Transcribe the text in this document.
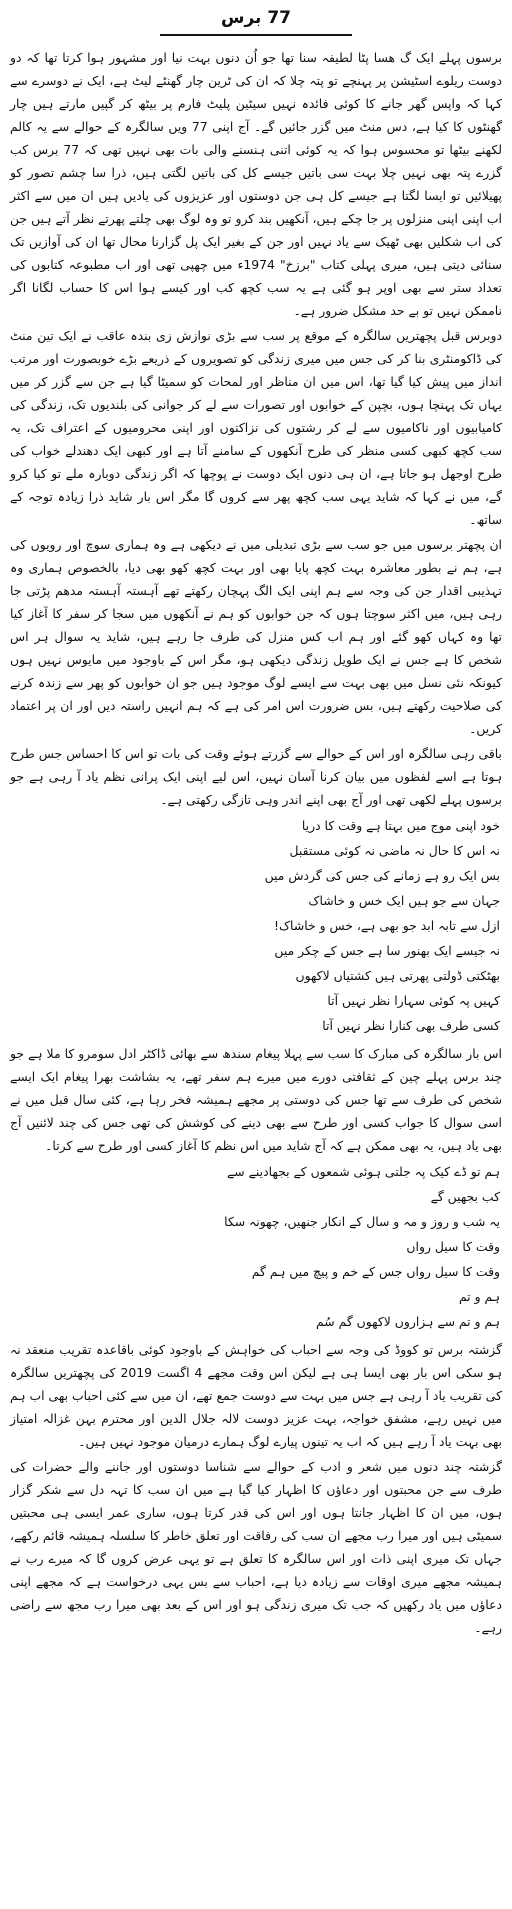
77 برس

برسوں پہلے ایک گ ھسا پٹا لطیفہ سنا تھا جو اُن دنوں بہت نیا اور مشہور ہوا کرتا تھا کہ دو دوست ریلوے اسٹیشن پر پہنچے تو پتہ چلا کہ ان کی ٹرین چار گھنٹے لیٹ ہے، ایک نے دوسرے سے کہا کہ واپس گھر جانے کا کوئی فائدہ نہیں سیٹین پلیٹ فارم پر بیٹھ کر گپیں مارتے ہیں چار گھنٹوں کا کیا ہے، دس منٹ میں گزر جائیں گے۔ آج اپنی 77 ویں سالگرہ کے حوالے سے یہ کالم لکھنے بیٹھا تو محسوس ہوا کہ یہ کوئی اتنی ہنسنے والی بات بھی نہیں تھی کہ 77 برس کب گزرے پتہ بھی نہیں چلا بہت سی باتیں جیسے کل کی باتیں لگتی ہیں، ذرا سا چشم تصور کو پھیلائیں تو ایسا لگتا ہے جیسے کل ہی جن دوستوں اور عزیزوں کی یادیں ہیں ان میں سے اکثر اب اپنی اپنی منزلوں پر جا چکے ہیں، آنکھیں بند کرو تو وہ لوگ بھی چلتے پھرتے نظر آتے ہیں جن کی اب شکلیں بھی ٹھیک سے یاد نہیں اور جن کے بغیر ایک پل گزارنا محال تھا ان کی آوازیں تک سنائی دیتی ہیں، میری پہلی کتاب "برزخ" 1974ء میں چھپی تھی اور اب مطبوعہ کتابوں کی تعداد ستر سے بھی اوپر ہو گئی ہے یہ سب کچھ کب اور کیسے ہوا اس کا حساب لگانا اگر ناممکن نہیں تو بے حد مشکل ضرور ہے۔

دوبرس قبل پچھتریں سالگرہ کے موقع پر سب سے بڑی نوازش زی بندہ عاقب نے ایک تین منٹ کی ڈاکومنٹری بنا کر کی جس میں میری زندگی کو تصویروں کے ذریعے بڑے خوبصورت اور مرتب انداز میں پیش کیا گیا تھا، اس میں ان مناظر اور لمحات کو سمیٹا گیا ہے جن سے گزر کر میں یہاں تک پہنچا ہوں، بچپن کے خوابوں اور تصورات سے لے کر جوانی کی بلندیوں تک، زندگی کی کامیابیوں اور ناکامیوں سے لے کر رشتوں کی نزاکتوں اور اپنی محرومیوں کے اعتراف تک، یہ سب کچھ کبھی کسی منظر کی طرح آنکھوں کے سامنے آتا ہے اور کبھی ایک دھندلے خواب کی طرح اوجھل ہو جاتا ہے، ان ہی دنوں ایک دوست نے پوچھا کہ اگر زندگی دوبارہ ملے تو کیا کرو گے، میں نے کہا کہ شاید یہی سب کچھ پھر سے کروں گا مگر اس بار شاید ذرا زیادہ توجہ کے ساتھ۔

ان پچھتر برسوں میں جو سب سے بڑی تبدیلی میں نے دیکھی ہے وہ ہماری سوچ اور رویوں کی ہے، ہم نے بطور معاشرہ بہت کچھ پایا بھی اور بہت کچھ کھو بھی دیا، بالخصوص ہماری وہ تہذیبی اقدار جن کی وجہ سے ہم اپنی ایک الگ پہچان رکھتے تھے آہستہ آہستہ مدھم پڑتی جا رہی ہیں، میں اکثر سوچتا ہوں کہ جن خوابوں کو ہم نے آنکھوں میں سجا کر سفر کا آغاز کیا تھا وہ کہاں کھو گئے اور ہم اب کس منزل کی طرف جا رہے ہیں، شاید یہ سوال ہر اس شخص کا ہے جس نے ایک طویل زندگی دیکھی ہو، مگر اس کے باوجود میں مایوس نہیں ہوں کیونکہ نئی نسل میں بھی بہت سے ایسے لوگ موجود ہیں جو ان خوابوں کو پھر سے زندہ کرنے کی صلاحیت رکھتے ہیں، بس ضرورت اس امر کی ہے کہ ہم انہیں راستہ دیں اور ان پر اعتماد کریں۔

باقی رہی سالگرہ اور اس کے حوالے سے گزرتے ہوئے وقت کی بات تو اس کا احساس جس طرح ہوتا ہے اسے لفظوں میں بیان کرنا آسان نہیں، اس لیے اپنی ایک پرانی نظم یاد آ رہی ہے جو برسوں پہلے لکھی تھی اور آج بھی اپنے اندر وہی تازگی رکھتی ہے۔

خود اپنی موج میں بہتا ہے وقت کا دریا
نہ اس کا حال نہ ماضی نہ کوئی مستقبل
بس ایک رو ہے زمانے کی جس کی گردش میں
جہان سے جو ہیں ایک خس و خاشاک
ازل سے تابہ ابد جو بھی ہے، خس و خاشاک!
نہ جیسے ایک بھنور سا ہے جس کے چکر میں
بھٹکتی ڈولتی پھرتی ہیں کشتیاں لاکھوں
کہیں پہ کوئی سہارا نظر نہیں آتا
کسی طرف بھی کنارا نظر نہیں آتا

اس بار سالگرہ کی مبارک کا سب سے پہلا پیغام سندھ سے بھائی ڈاکٹر ادل سومرو کا ملا ہے جو چند برس پہلے چین کے ثقافتی دورے میں میرے ہم سفر تھے، یہ بشاشت بھرا پیغام ایک ایسے شخص کی طرف سے تھا جس کی دوستی پر مجھے ہمیشہ فخر رہا ہے، کئی سال قبل میں نے اسی سوال کا جواب کسی اور طرح سے بھی دینے کی کوشش کی تھی جس کی چند لائنیں آج بھی یاد ہیں، یہ بھی ممکن ہے کہ آج شاید میں اس نظم کا آغاز کسی اور طرح سے کرتا۔

ہم تو ڈے کیک پہ جلتی ہوئی شمعوں کے بجھادینے سے
کب بجھیں گے
یہ شب و روز و مہ و سال کے انکار جنھیں، چھونہ سکا
وقت کا سیل رواں
وقت کا سیل رواں جس کے خم و پیچ میں ہم گم
ہم و تم
ہم و تم سے ہزاروں لاکھوں گم سُم

گزشتہ برس تو کووڈ کی وجہ سے احباب کی خواہش کے باوجود کوئی باقاعدہ تقریب منعقد نہ ہو سکی اس بار بھی ایسا ہی ہے لیکن اس وقت مجھے 4 اگست 2019 کی پچھتریں سالگرہ کی تقریب یاد آ رہی ہے جس میں بہت سے دوست جمع تھے، ان میں سے کئی احباب بھی اب ہم میں نہیں رہے، مشفق خواجہ، بہت عزیز دوست لالہ جلال الدین اور محترم بہن غزالہ امتیاز بھی بہت یاد آ رہے ہیں کہ اب یہ تینوں پیارے لوگ ہمارے درمیان موجود نہیں ہیں۔

گزشتہ چند دنوں میں شعر و ادب کے حوالے سے شناسا دوستوں اور جاننے والے حضرات کی طرف سے جن محبتوں اور دعاؤں کا اظہار کیا گیا ہے میں ان سب کا تہہ دل سے شکر گزار ہوں، میں ان کا اظہار جانتا ہوں اور اس کی قدر کرتا ہوں، ساری عمر ایسی ہی محبتیں سمیٹی ہیں اور میرا رب مجھے ان سب کی رفاقت اور تعلق خاطر کا سلسلہ ہمیشہ قائم رکھے، جہاں تک میری اپنی ذات اور اس سالگرہ کا تعلق ہے تو یہی عرض کروں گا کہ میرے رب نے ہمیشہ مجھے میری اوقات سے زیادہ دیا ہے، احباب سے بس یہی درخواست ہے کہ مجھے اپنی دعاؤں میں یاد رکھیں کہ جب تک میری زندگی ہو اور اس کے بعد بھی میرا رب مجھ سے راضی رہے۔
